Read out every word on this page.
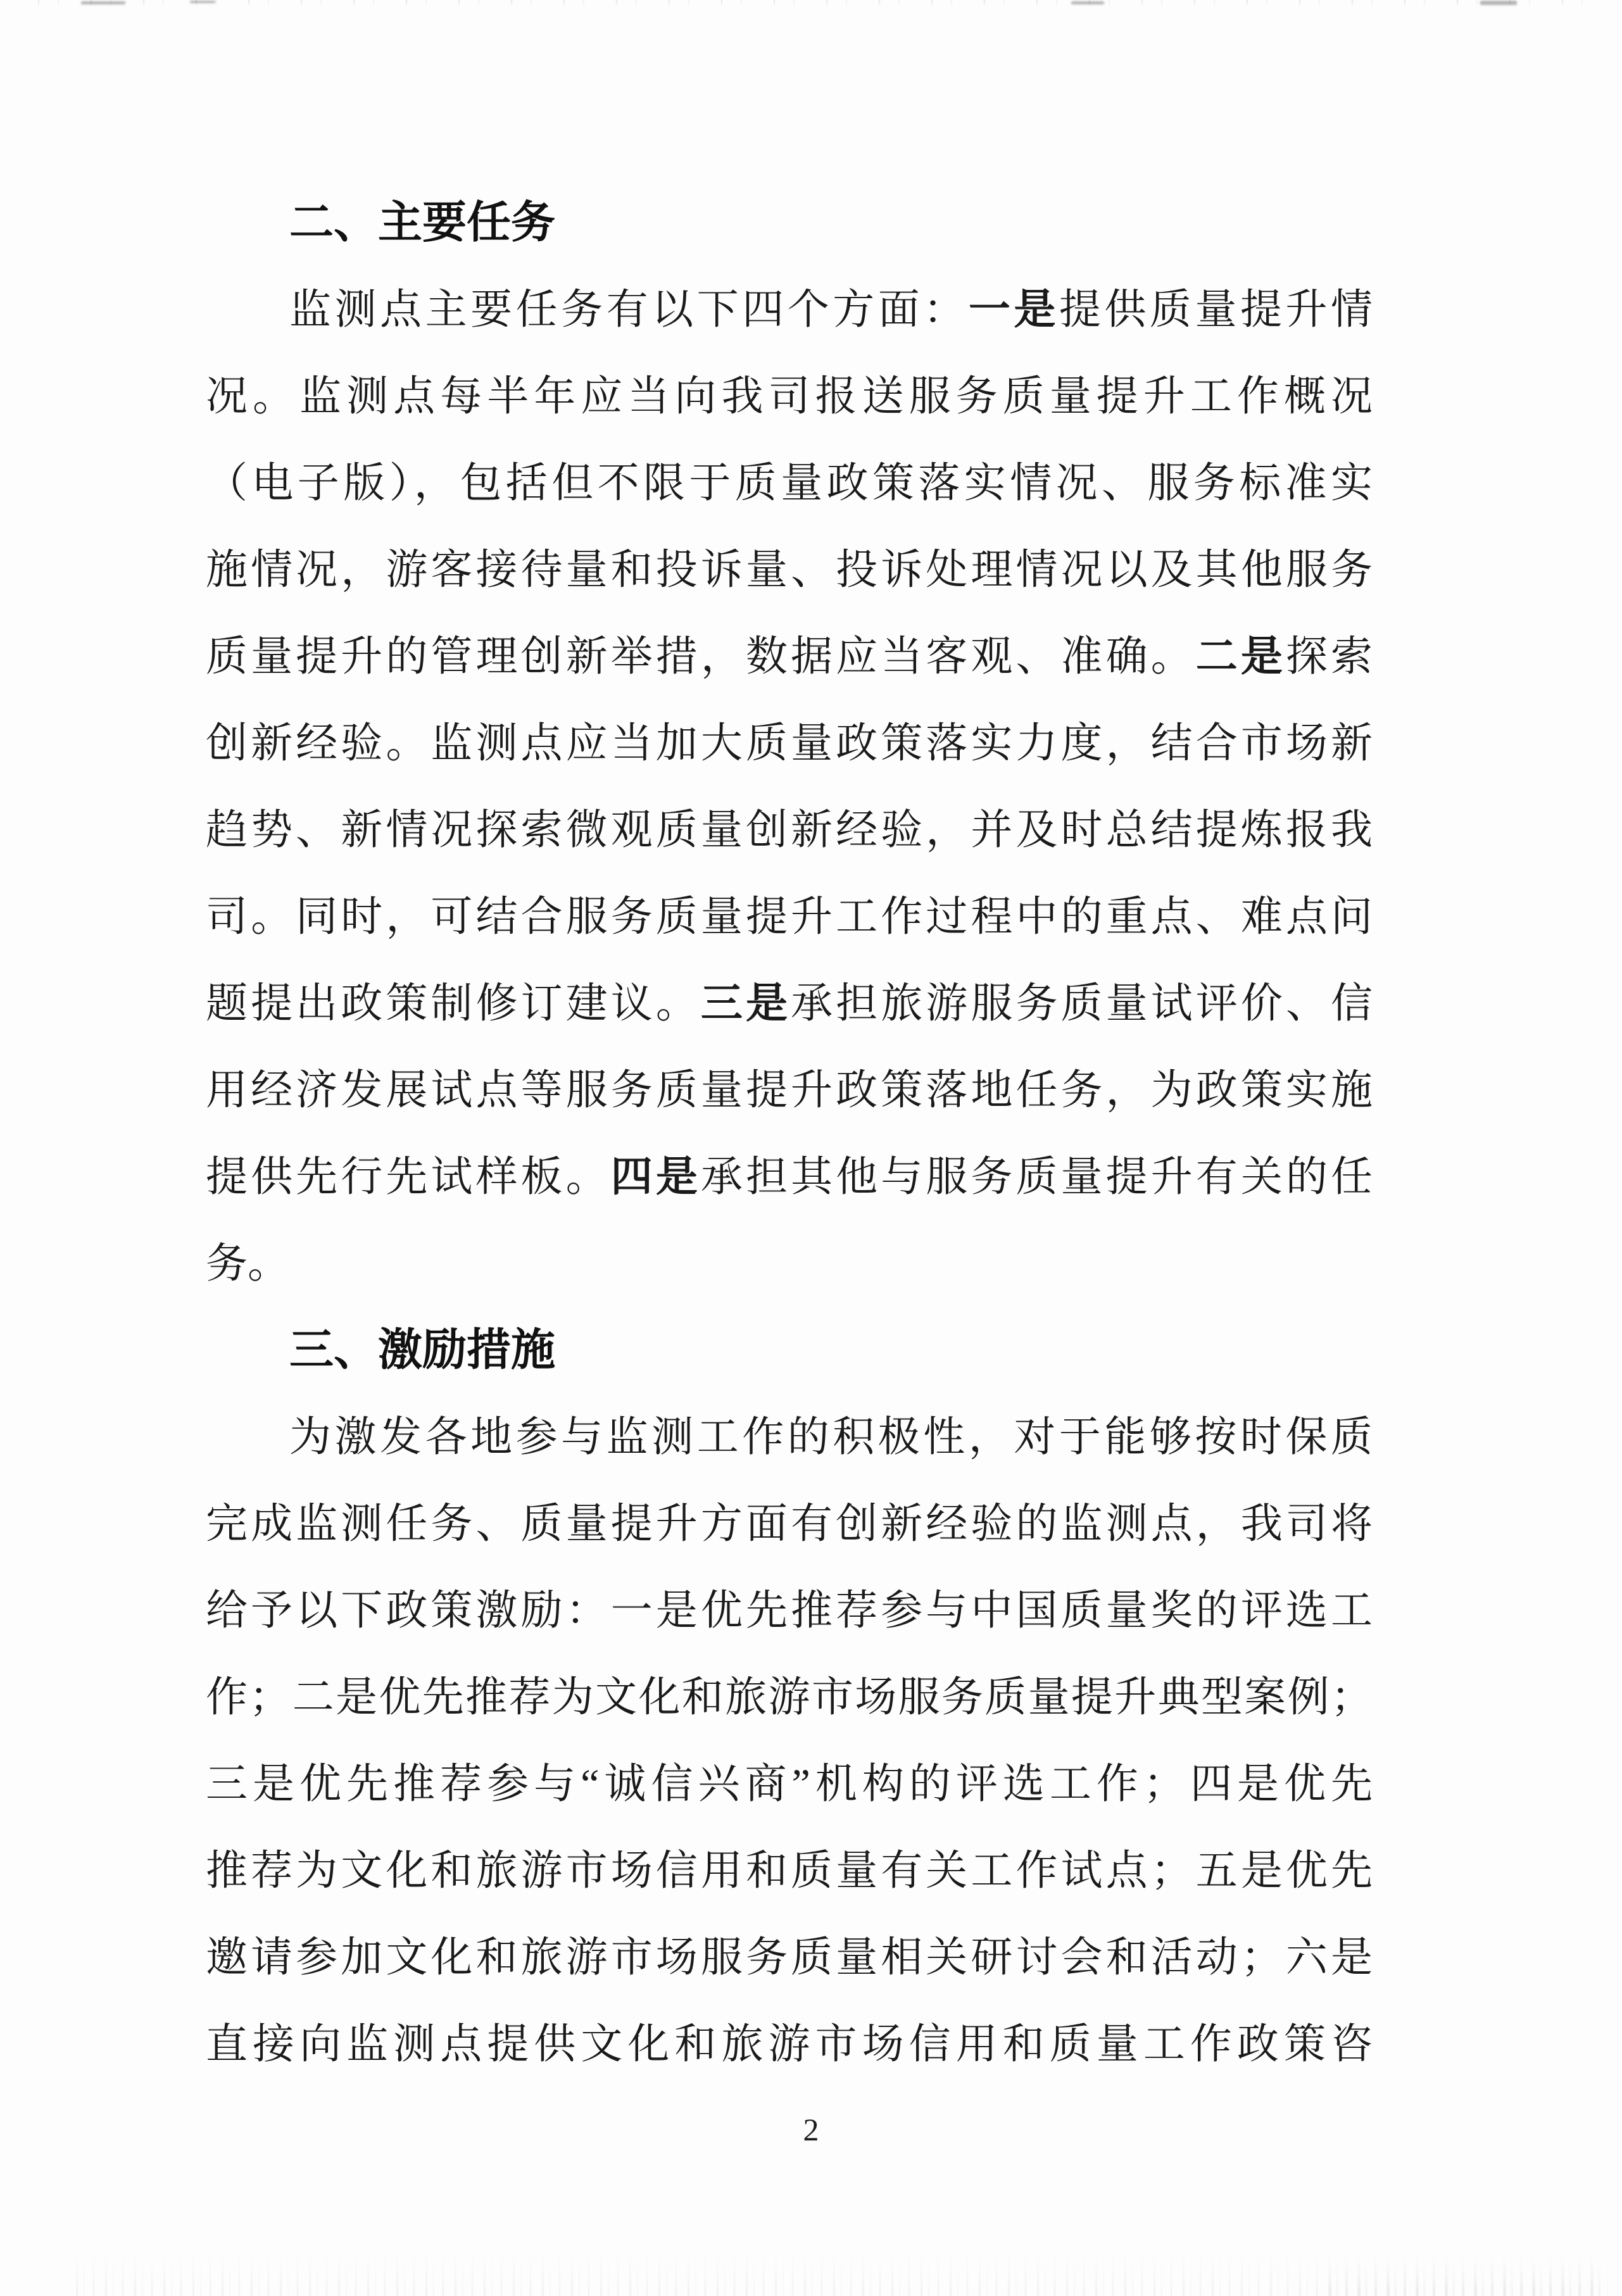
二、主要任务
监测点主要任务有以下四个方面：一是提供质量提升情
况。监测点每半年应当向我司报送服务质量提升工作概况
（电子版），包括但不限于质量政策落实情况、服务标准实
施情况，游客接待量和投诉量、投诉处理情况以及其他服务
质量提升的管理创新举措，数据应当客观、准确。二是探索
创新经验。监测点应当加大质量政策落实力度，结合市场新
趋势、新情况探索微观质量创新经验，并及时总结提炼报我
司。同时，可结合服务质量提升工作过程中的重点、难点问
题提出政策制修订建议。三是承担旅游服务质量试评价、信
用经济发展试点等服务质量提升政策落地任务，为政策实施
提供先行先试样板。四是承担其他与服务质量提升有关的任
务。
三、激励措施
为激发各地参与监测工作的积极性，对于能够按时保质
完成监测任务、质量提升方面有创新经验的监测点，我司将
给予以下政策激励：一是优先推荐参与中国质量奖的评选工
作；二是优先推荐为文化和旅游市场服务质量提升典型案例；
三是优先推荐参与“诚信兴商”机构的评选工作；四是优先
推荐为文化和旅游市场信用和质量有关工作试点；五是优先
邀请参加文化和旅游市场服务质量相关研讨会和活动；六是
直接向监测点提供文化和旅游市场信用和质量工作政策咨
2
